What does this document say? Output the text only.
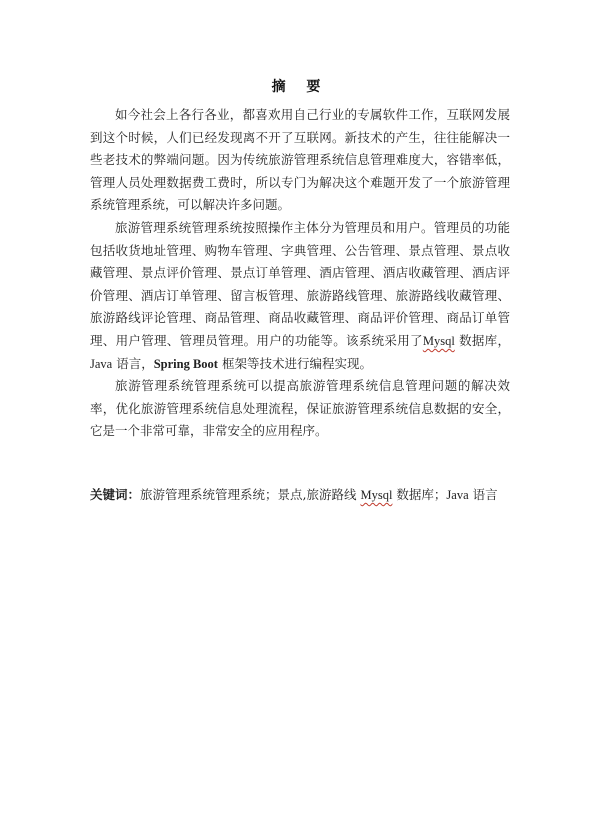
摘 要

如今社会上各行各业，都喜欢用自己行业的专属软件工作，互联网发展到这个时候，人们已经发现离不开了互联网。新技术的产生，往往能解决一些老技术的弊端问题。因为传统旅游管理系统信息管理难度大，容错率低，管理人员处理数据费工费时，所以专门为解决这个难题开发了一个旅游管理系统管理系统，可以解决许多问题。

旅游管理系统管理系统按照操作主体分为管理员和用户。管理员的功能包括收货地址管理、购物车管理、字典管理、公告管理、景点管理、景点收藏管理、景点评价管理、景点订单管理、酒店管理、酒店收藏管理、酒店评价管理、酒店订单管理、留言板管理、旅游路线管理、旅游路线收藏管理、旅游路线评论管理、商品管理、商品收藏管理、商品评价管理、商品订单管理、用户管理、管理员管理。用户的功能等。该系统采用了Mysql 数据库，Java 语言，Spring Boot 框架等技术进行编程实现。

旅游管理系统管理系统可以提高旅游管理系统信息管理问题的解决效率，优化旅游管理系统信息处理流程，保证旅游管理系统信息数据的安全，它是一个非常可靠，非常安全的应用程序。

关键词：旅游管理系统管理系统；景点,旅游路线 Mysql 数据库；Java 语言
